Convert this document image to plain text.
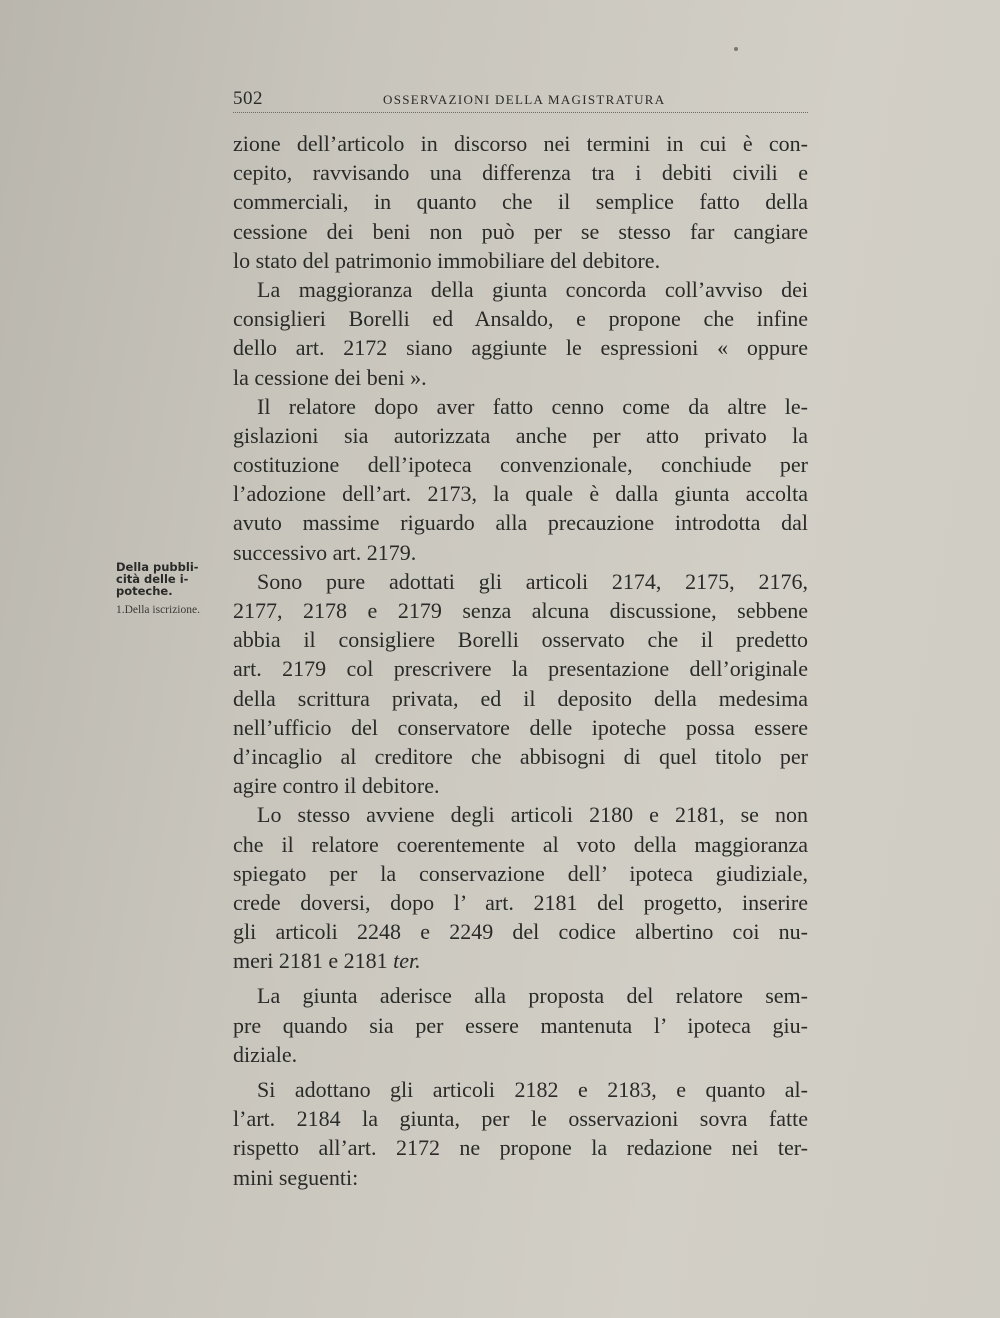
502	OSSERVAZIONI DELLA MAGISTRATURA
Della pubbli-
cità delle i-
poteche.
1.Della iscrizione.
zione dell’articolo in discorso nei termini in cui è con-
cepito, ravvisando una differenza tra i debiti civili e
commerciali, in quanto che il semplice fatto della
cessione dei beni non può per se stesso far cangiare
lo stato del patrimonio immobiliare del debitore.
La maggioranza della giunta concorda coll’avviso dei
consiglieri Borelli ed Ansaldo, e propone che infine
dello art. 2172 siano aggiunte le espressioni « oppure
la cessione dei beni ».
Il relatore dopo aver fatto cenno come da altre le-
gislazioni sia autorizzata anche per atto privato la
costituzione dell’ipoteca convenzionale, conchiude per
l’adozione dell’art. 2173, la quale è dalla giunta accolta
avuto massime riguardo alla precauzione introdotta dal
successivo art. 2179.
Sono pure adottati gli articoli 2174, 2175, 2176,
2177, 2178 e 2179 senza alcuna discussione, sebbene
abbia il consigliere Borelli osservato che il predetto
art. 2179 col prescrivere la presentazione dell’originale
della scrittura privata, ed il deposito della medesima
nell’ufficio del conservatore delle ipoteche possa essere
d’incaglio al creditore che abbisogni di quel titolo per
agire contro il debitore.
Lo stesso avviene degli articoli 2180 e 2181, se non
che il relatore coerentemente al voto della maggioranza
spiegato per la conservazione dell’ ipoteca giudiziale,
crede doversi, dopo l’ art. 2181 del progetto, inserire
gli articoli 2248 e 2249 del codice albertino coi nu-
meri 2181 e 2181 ter.
La giunta aderisce alla proposta del relatore sem-
pre quando sia per essere mantenuta l’ ipoteca giu-
diziale.
Si adottano gli articoli 2182 e 2183, e quanto al-
l’art. 2184 la giunta, per le osservazioni sovra fatte
rispetto all’art. 2172 ne propone la redazione nei ter-
mini seguenti:
